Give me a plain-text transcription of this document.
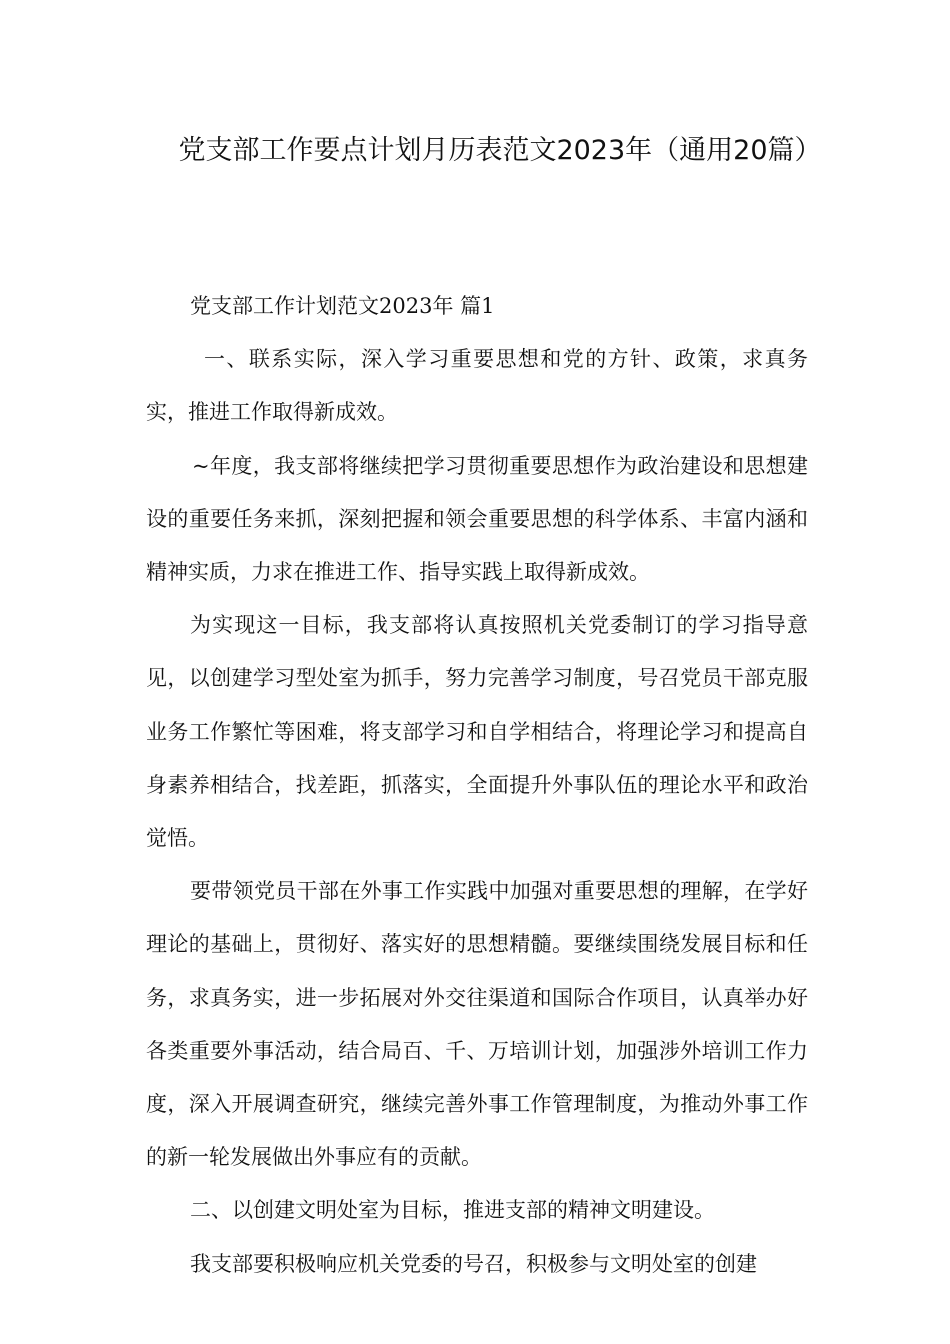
党支部工作要点计划月历表范文2023年（通用20篇）

党支部工作计划范文2023年 篇1

一、联系实际，深入学习重要思想和党的方针、政策，求真务实，推进工作取得新成效。

~年度，我支部将继续把学习贯彻重要思想作为政治建设和思想建设的重要任务来抓，深刻把握和领会重要思想的科学体系、丰富内涵和精神实质，力求在推进工作、指导实践上取得新成效。

为实现这一目标，我支部将认真按照机关党委制订的学习指导意见，以创建学习型处室为抓手，努力完善学习制度，号召党员干部克服业务工作繁忙等困难，将支部学习和自学相结合，将理论学习和提高自身素养相结合，找差距，抓落实，全面提升外事队伍的理论水平和政治觉悟。

要带领党员干部在外事工作实践中加强对重要思想的理解，在学好理论的基础上，贯彻好、落实好的思想精髓。要继续围绕发展目标和任务，求真务实，进一步拓展对外交往渠道和国际合作项目，认真举办好各类重要外事活动，结合局百、千、万培训计划，加强涉外培训工作力度，深入开展调查研究，继续完善外事工作管理制度，为推动外事工作的新一轮发展做出外事应有的贡献。

二、以创建文明处室为目标，推进支部的精神文明建设。

我支部要积极响应机关党委的号召，积极参与文明处室的创建
